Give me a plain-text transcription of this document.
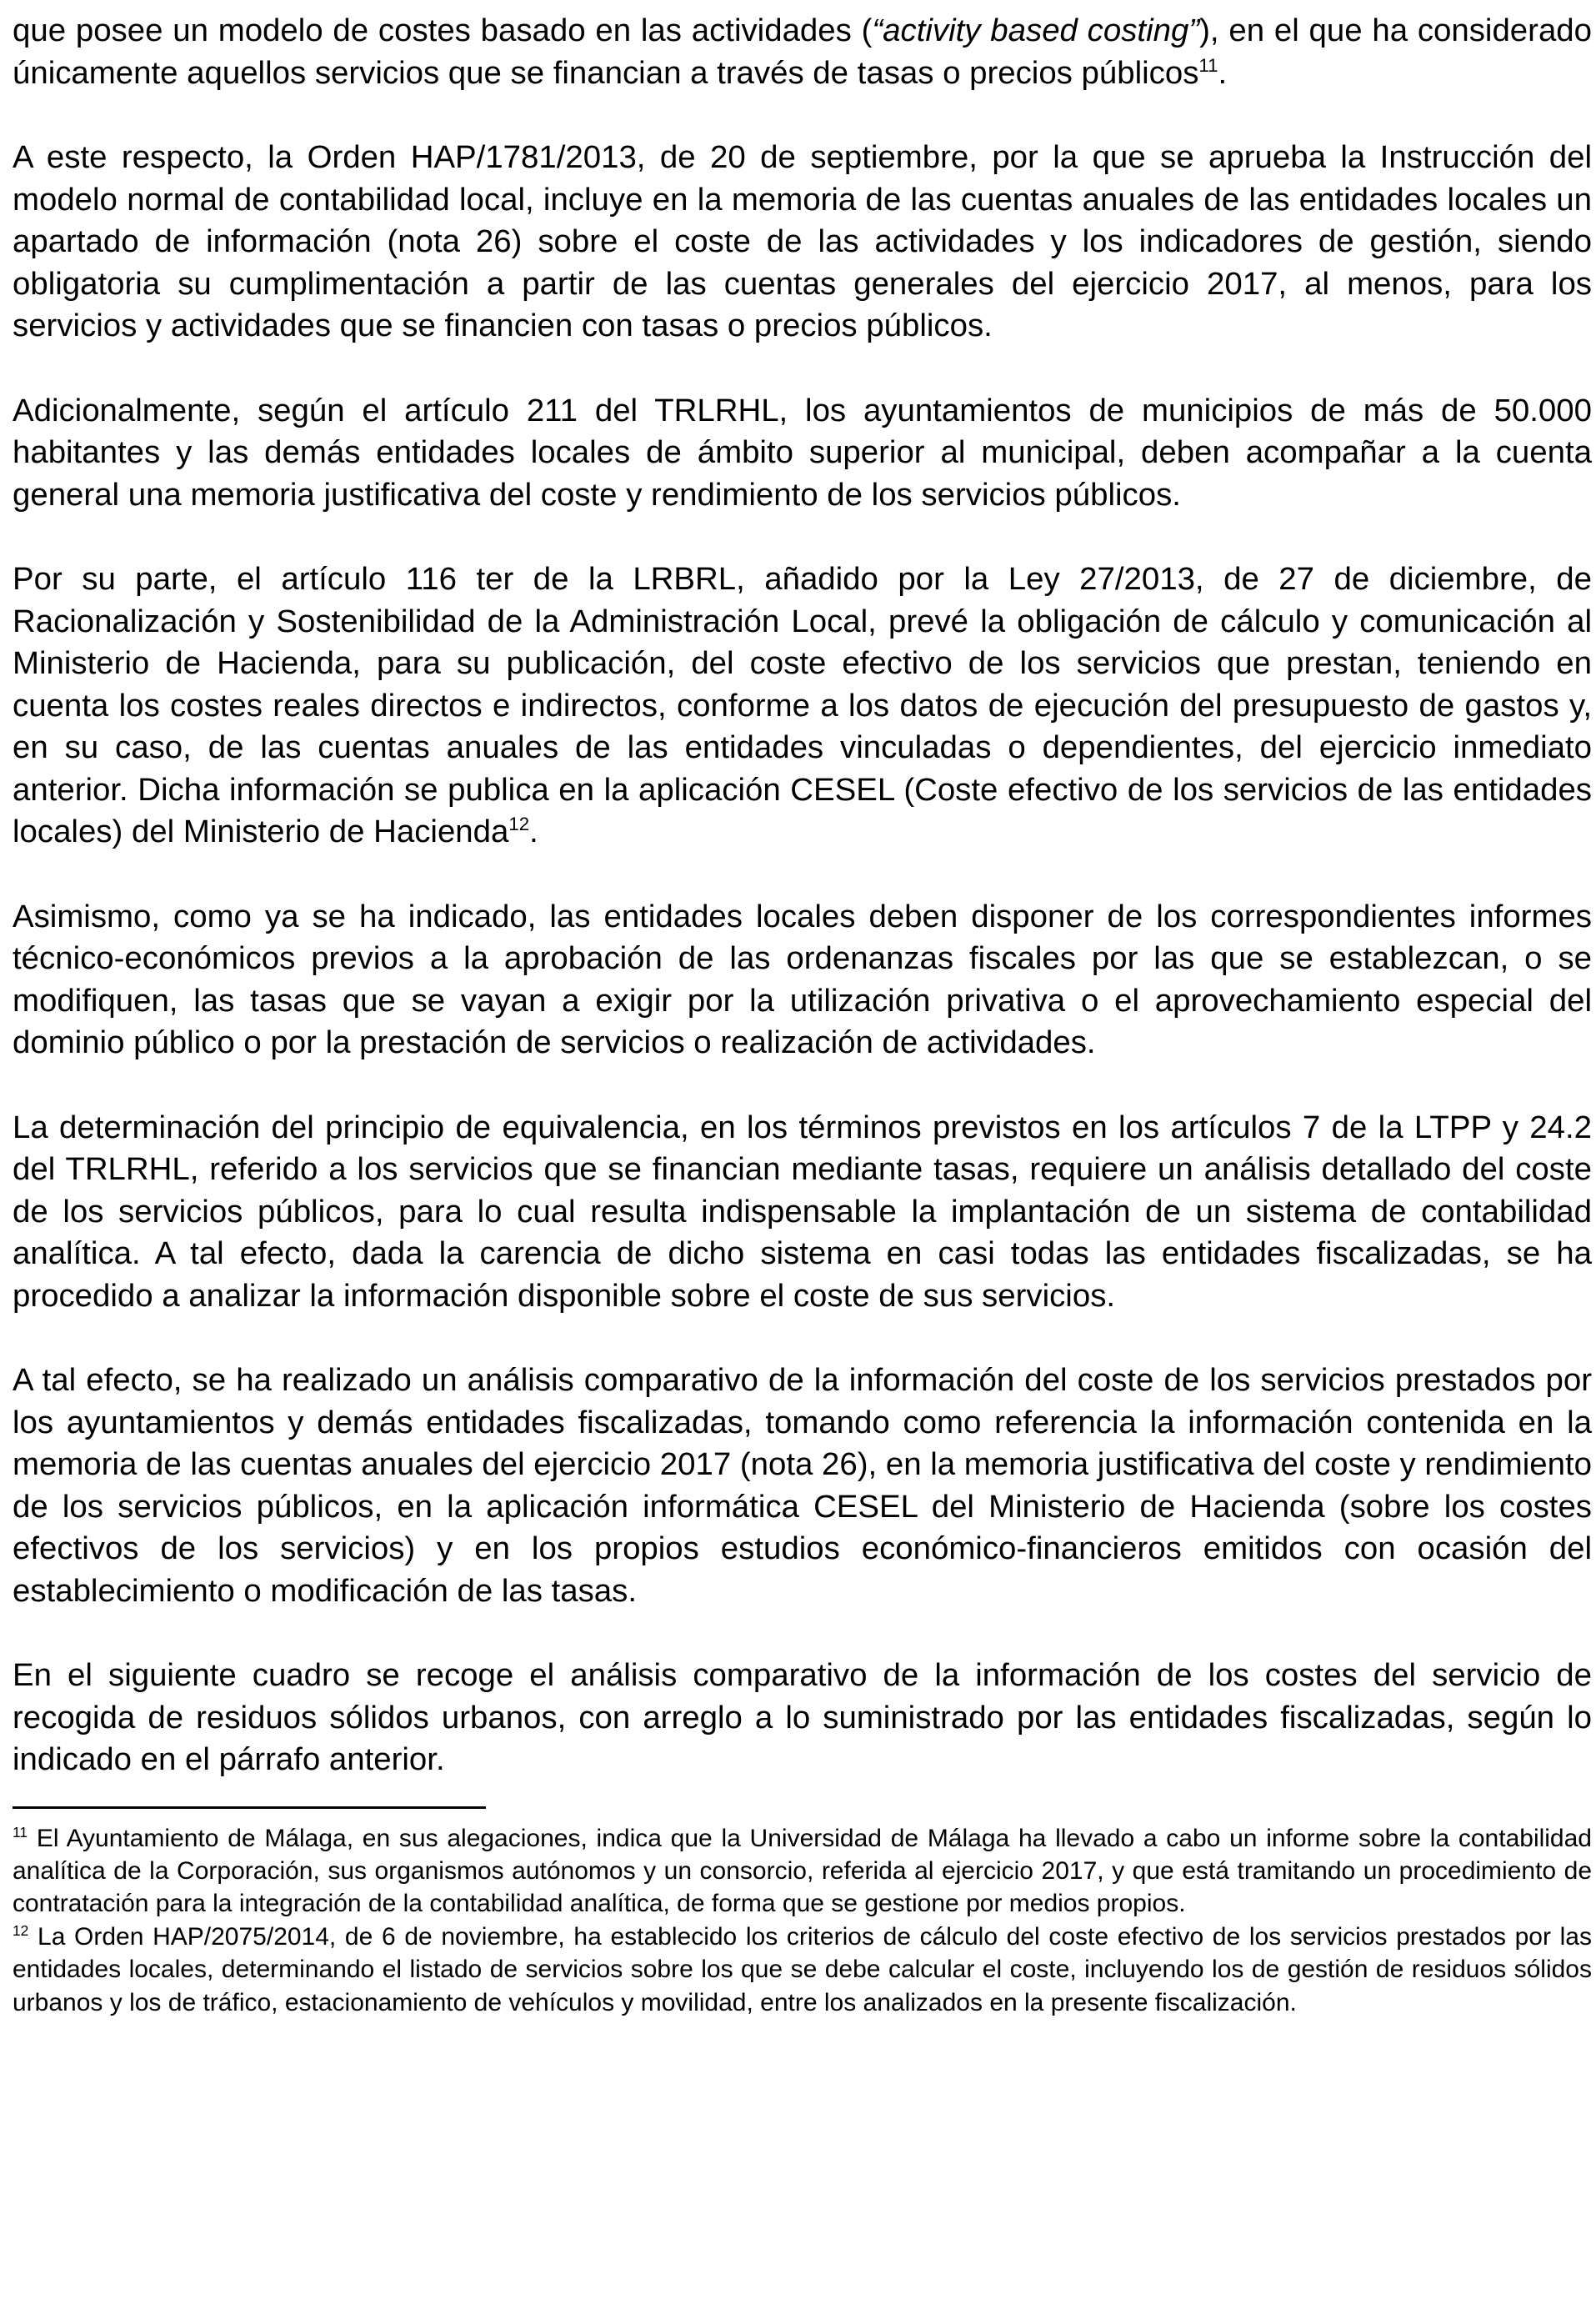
que posee un modelo de costes basado en las actividades (“activity based costing”), en el que ha considerado únicamente aquellos servicios que se financian a través de tasas o precios públicos$^{11}$.

A este respecto, la Orden HAP/1781/2013, de 20 de septiembre, por la que se aprueba la Instrucción del modelo normal de contabilidad local, incluye en la memoria de las cuentas anuales de las entidades locales un apartado de información (nota 26) sobre el coste de las actividades y los indicadores de gestión, siendo obligatoria su cumplimentación a partir de las cuentas generales del ejercicio 2017, al menos, para los servicios y actividades que se financien con tasas o precios públicos.

Adicionalmente, según el artículo 211 del TRLRHL, los ayuntamientos de municipios de más de 50.000 habitantes y las demás entidades locales de ámbito superior al municipal, deben acompañar a la cuenta general una memoria justificativa del coste y rendimiento de los servicios públicos.

Por su parte, el artículo 116 ter de la LRBRL, añadido por la Ley 27/2013, de 27 de diciembre, de Racionalización y Sostenibilidad de la Administración Local, prevé la obligación de cálculo y comunicación al Ministerio de Hacienda, para su publicación, del coste efectivo de los servicios que prestan, teniendo en cuenta los costes reales directos e indirectos, conforme a los datos de ejecución del presupuesto de gastos y, en su caso, de las cuentas anuales de las entidades vinculadas o dependientes, del ejercicio inmediato anterior. Dicha información se publica en la aplicación CESEL (Coste efectivo de los servicios de las entidades locales) del Ministerio de Hacienda$^{12}$.

Asimismo, como ya se ha indicado, las entidades locales deben disponer de los correspondientes informes técnico-económicos previos a la aprobación de las ordenanzas fiscales por las que se establezcan, o se modifiquen, las tasas que se vayan a exigir por la utilización privativa o el aprovechamiento especial del dominio público o por la prestación de servicios o realización de actividades.

La determinación del principio de equivalencia, en los términos previstos en los artículos 7 de la LTPP y 24.2 del TRLRHL, referido a los servicios que se financian mediante tasas, requiere un análisis detallado del coste de los servicios públicos, para lo cual resulta indispensable la implantación de un sistema de contabilidad analítica. A tal efecto, dada la carencia de dicho sistema en casi todas las entidades fiscalizadas, se ha procedido a analizar la información disponible sobre el coste de sus servicios.

A tal efecto, se ha realizado un análisis comparativo de la información del coste de los servicios prestados por los ayuntamientos y demás entidades fiscalizadas, tomando como referencia la información contenida en la memoria de las cuentas anuales del ejercicio 2017 (nota 26), en la memoria justificativa del coste y rendimiento de los servicios públicos, en la aplicación informática CESEL del Ministerio de Hacienda (sobre los costes efectivos de los servicios) y en los propios estudios económico-financieros emitidos con ocasión del establecimiento o modificación de las tasas.

En el siguiente cuadro se recoge el análisis comparativo de la información de los costes del servicio de recogida de residuos sólidos urbanos, con arreglo a lo suministrado por las entidades fiscalizadas, según lo indicado en el párrafo anterior.

$^{11}$ El Ayuntamiento de Málaga, en sus alegaciones, indica que la Universidad de Málaga ha llevado a cabo un informe sobre la contabilidad analítica de la Corporación, sus organismos autónomos y un consorcio, referida al ejercicio 2017, y que está tramitando un procedimiento de contratación para la integración de la contabilidad analítica, de forma que se gestione por medios propios.

$^{12}$ La Orden HAP/2075/2014, de 6 de noviembre, ha establecido los criterios de cálculo del coste efectivo de los servicios prestados por las entidades locales, determinando el listado de servicios sobre los que se debe calcular el coste, incluyendo los de gestión de residuos sólidos urbanos y los de tráfico, estacionamiento de vehículos y movilidad, entre los analizados en la presente fiscalización.
